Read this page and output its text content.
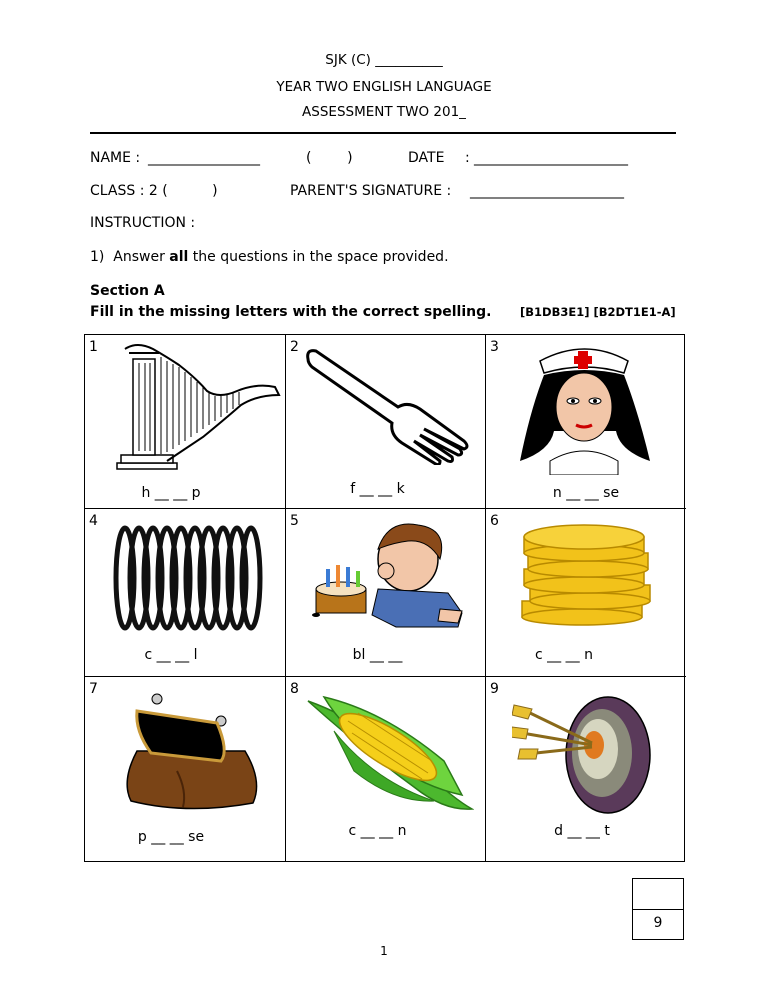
SJK (C) __________
YEAR TWO ENGLISH LANGUAGE
ASSESSMENT TWO 201_
NAME : ________________	(        )	DATE : ______________________
CLASS : 2 (          )	PARENT'S SIGNATURE : ______________________
INSTRUCTION :
1)  Answer all the questions in the space provided.
Section A
Fill in the missing letters with the correct spelling. [B1DB3E1] [B2DT1E1-A]
1
h __ __ p
2
f __ __ k
3
n __ __ se
4
c __ __ l
5
bl __ __
6
c __ __ n
7
p __ __ se
8
c __ __ n
9
d __ __ t
9
1
